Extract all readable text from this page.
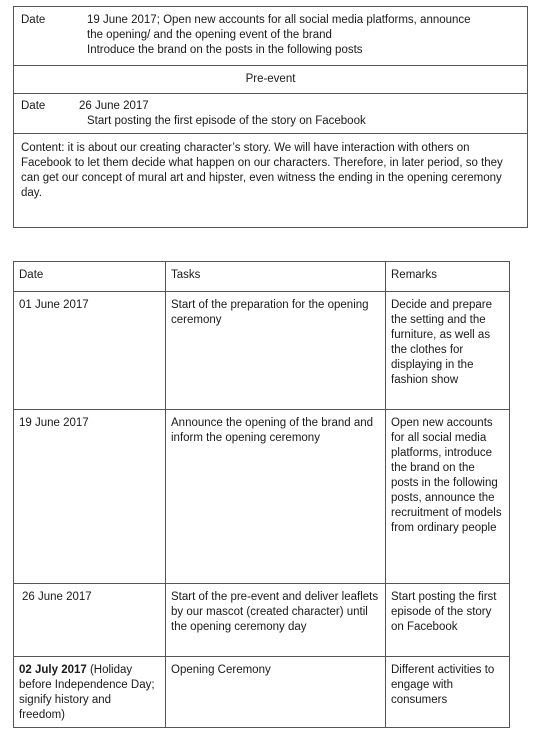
Date	19 June 2017; Open new accounts for all social media platforms, announce
the opening/ and the opening event of the brand
Introduce the brand on the posts in the following posts
Pre-event
Date	26 June 2017
Start posting the first episode of the story on Facebook
Content: it is about our creating character’s story. We will have interaction with others on Facebook to let them decide what happen on our characters. Therefore, in later period, so they can get our concept of mural art and hipster, even witness the ending in the opening ceremony day.
Date	Tasks	Remarks
01 June 2017	Start of the preparation for the opening ceremony	Decide and prepare the setting and the furniture, as well as the clothes for displaying in the fashion show
19 June 2017	Announce the opening of the brand and inform the opening ceremony	Open new accounts for all social media platforms, introduce the brand on the posts in the following posts, announce the recruitment of models from ordinary people
26 June 2017	Start of the pre-event and deliver leaflets by our mascot (created character) until the opening ceremony day	Start posting the first episode of the story on Facebook
02 July 2017 (Holiday before Independence Day; signify history and freedom)	Opening Ceremony	Different activities to engage with consumers
